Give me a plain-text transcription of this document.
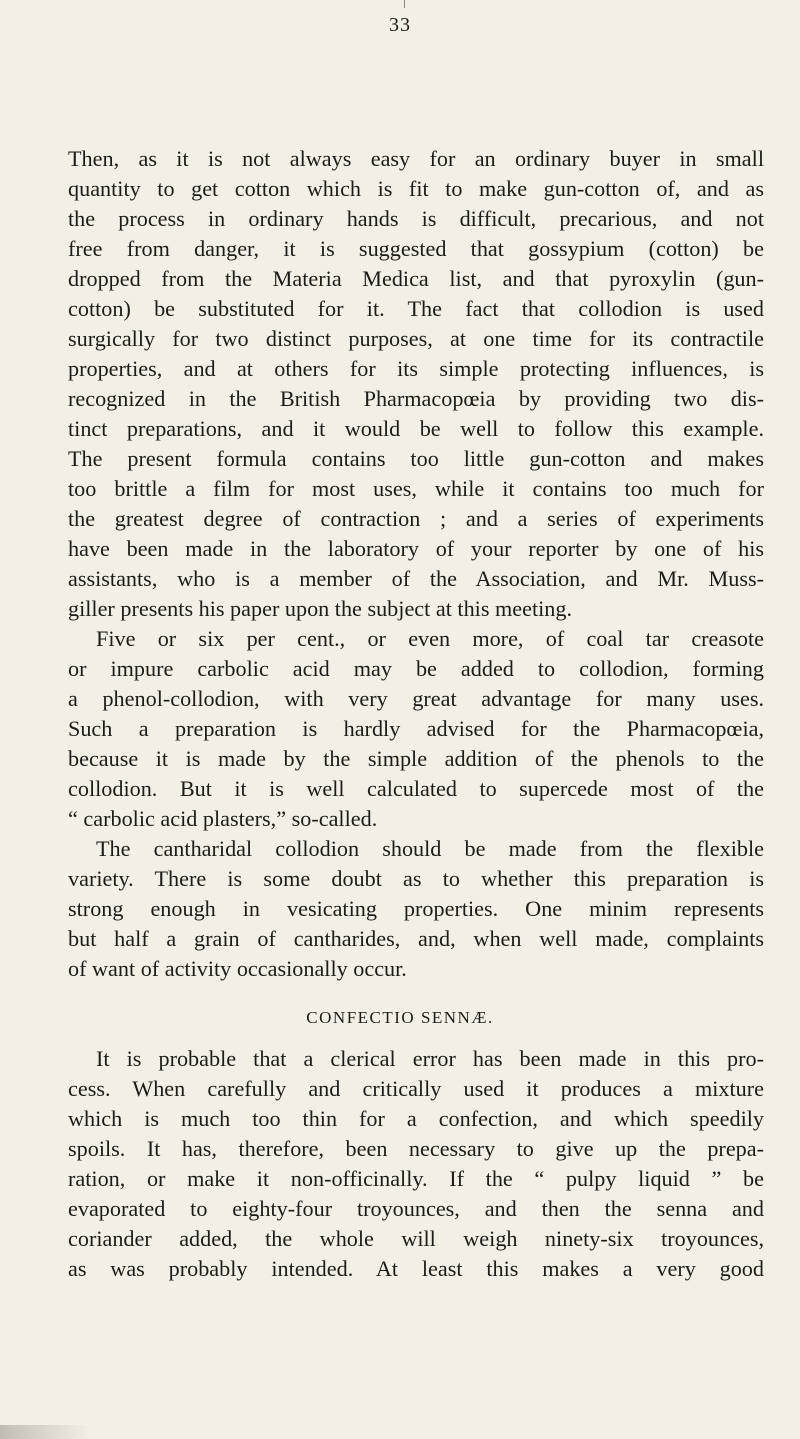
33
Then, as it is not always easy for an ordinary buyer in small
quantity to get cotton which is fit to make gun-cotton of, and as
the process in ordinary hands is difficult, precarious, and not
free from danger, it is suggested that gossypium (cotton) be
dropped from the Materia Medica list, and that pyroxylin (gun-
cotton) be substituted for it. The fact that collodion is used
surgically for two distinct purposes, at one time for its contractile
properties, and at others for its simple protecting influences, is
recognized in the British Pharmacopœia by providing two dis-
tinct preparations, and it would be well to follow this example.
The present formula contains too little gun-cotton and makes
too brittle a film for most uses, while it contains too much for
the greatest degree of contraction ; and a series of experiments
have been made in the laboratory of your reporter by one of his
assistants, who is a member of the Association, and Mr. Muss-
giller presents his paper upon the subject at this meeting.
Five or six per cent., or even more, of coal tar creasote
or impure carbolic acid may be added to collodion, forming
a phenol-collodion, with very great advantage for many uses.
Such a preparation is hardly advised for the Pharmacopœia,
because it is made by the simple addition of the phenols to the
collodion. But it is well calculated to supercede most of the
“ carbolic acid plasters,” so-called.
The cantharidal collodion should be made from the flexible
variety. There is some doubt as to whether this preparation is
strong enough in vesicating properties. One minim represents
but half a grain of cantharides, and, when well made, complaints
of want of activity occasionally occur.
CONFECTIO SENNÆ.
It is probable that a clerical error has been made in this pro-
cess. When carefully and critically used it produces a mixture
which is much too thin for a confection, and which speedily
spoils. It has, therefore, been necessary to give up the prepa-
ration, or make it non-officinally. If the “ pulpy liquid ” be
evaporated to eighty-four troyounces, and then the senna and
coriander added, the whole will weigh ninety-six troyounces,
as was probably intended. At least this makes a very good
